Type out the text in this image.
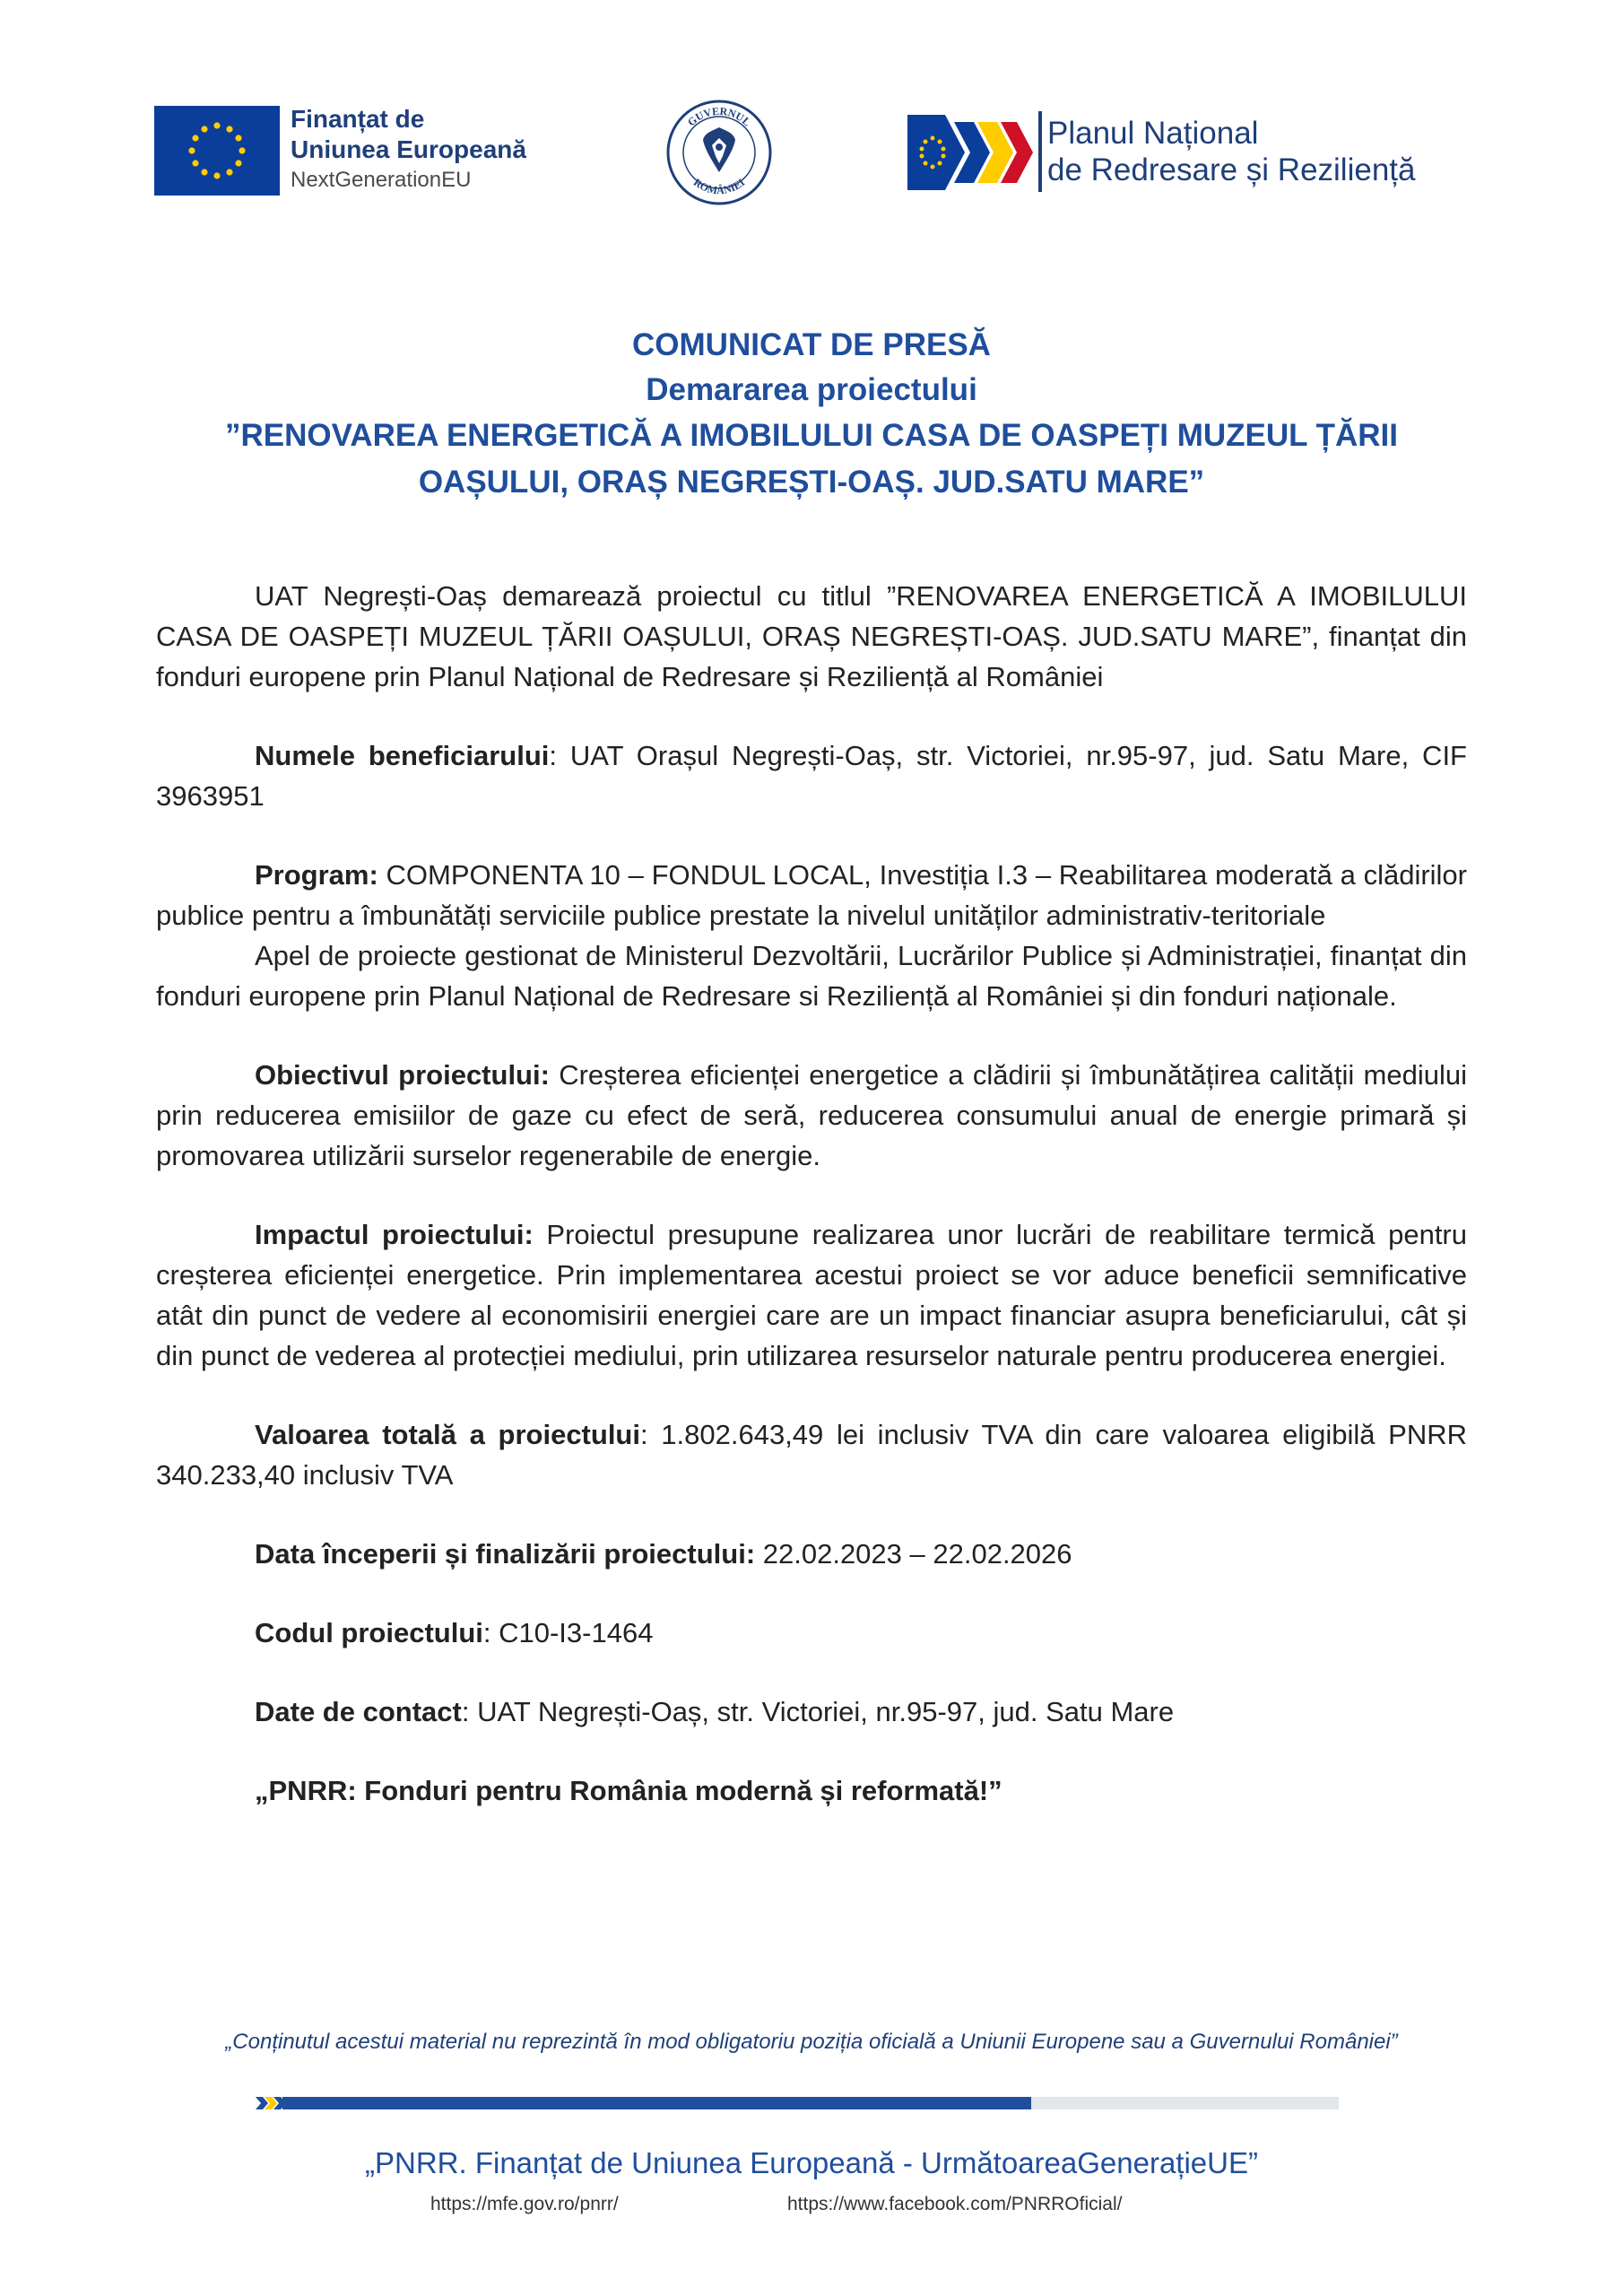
Finanțat de
Uniunea Europeană
NextGenerationEU
GUVERNUL
ROMÂNIEI
Planul Național
de Redresare și Reziliență
COMUNICAT DE PRESĂ
Demararea proiectului
”RENOVAREA ENERGETICĂ A IMOBILULUI CASA DE OASPEȚI MUZEUL ȚĂRII OAȘULUI, ORAȘ NEGREȘTI-OAȘ. JUD.SATU MARE”

UAT Negrești-Oaș demarează proiectul cu titlul ”RENOVAREA ENERGETICĂ A IMOBILULUI CASA DE OASPEȚI MUZEUL ȚĂRII OAȘULUI, ORAȘ NEGREȘTI-OAȘ. JUD.SATU MARE”, finanțat din fonduri europene prin Planul Național de Redresare și Reziliență al României

Numele beneficiarului: UAT Orașul Negrești-Oaș, str. Victoriei, nr.95-97, jud. Satu Mare, CIF 3963951

Program: COMPONENTA 10 – FONDUL LOCAL, Investiția I.3 – Reabilitarea moderată a clădirilor publice pentru a îmbunătăți serviciile publice prestate la nivelul unităților administrativ-teritoriale

Apel de proiecte gestionat de Ministerul Dezvoltării, Lucrărilor Publice și Administrației, finanțat din fonduri europene prin Planul Național de Redresare si Reziliență al României și din fonduri naționale.

Obiectivul proiectului: Creșterea eficienței energetice a clădirii și îmbunătățirea calității mediului prin reducerea emisiilor de gaze cu efect de seră, reducerea consumului anual de energie primară și promovarea utilizării surselor regenerabile de energie.

Impactul proiectului: Proiectul presupune realizarea unor lucrări de reabilitare termică pentru creșterea eficienței energetice. Prin implementarea acestui proiect se vor aduce beneficii semnificative atât din punct de vedere al economisirii energiei care are un impact financiar asupra beneficiarului, cât și din punct de vederea al protecției mediului, prin utilizarea resurselor naturale pentru producerea energiei.

Valoarea totală a proiectului: 1.802.643,49 lei inclusiv TVA din care valoarea eligibilă PNRR 340.233,40 inclusiv TVA

Data începerii și finalizării proiectului: 22.02.2023 – 22.02.2026

Codul proiectului: C10-I3-1464

Date de contact: UAT Negrești-Oaș, str. Victoriei, nr.95-97, jud. Satu Mare

„PNRR: Fonduri pentru România modernă și reformată!”

„Conținutul acestui material nu reprezintă în mod obligatoriu poziția oficială a Uniunii Europene sau a Guvernului României”
„PNRR. Finanțat de Uniunea Europeană - UrmătoareaGenerațieUE”
https://mfe.gov.ro/pnrr/	https://www.facebook.com/PNRROficial/
